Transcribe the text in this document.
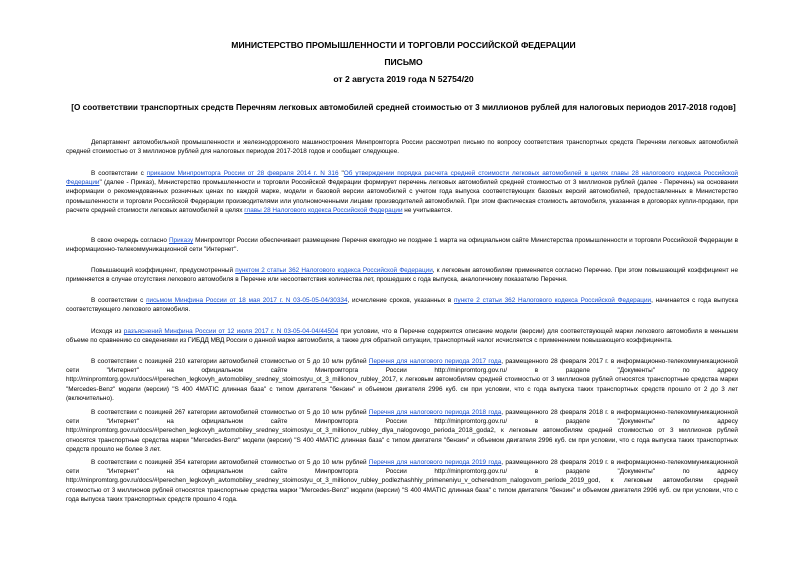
МИНИСТЕРСТВО ПРОМЫШЛЕННОСТИ И ТОРГОВЛИ РОССИЙСКОЙ ФЕДЕРАЦИИ
ПИСЬМО
от 2 августа 2019 года N 52754/20
[О соответствии транспортных средств Перечням легковых автомобилей средней стоимостью от 3 миллионов рублей для налоговых периодов 2017-2018 годов]

Департамент автомобильной промышленности и железнодорожного машиностроения Минпромторга России рассмотрел письмо по вопросу соответствия транспортных средств Перечням легковых автомобилей средней стоимостью от 3 миллионов рублей для налоговых периодов 2017-2018 годов и сообщает следующее.

В соответствии с приказом Минпромторга России от 28 февраля 2014 г. N 316 "Об утверждении порядка расчета средней стоимости легковых автомобилей в целях главы 28 налогового кодекса Российской Федерации" (далее - Приказ), Министерство промышленности и торговли Российской Федерации формирует перечень легковых автомобилей средней стоимостью от 3 миллионов рублей (далее - Перечень) на основании информации о рекомендованных розничных ценах по каждой марке, модели и базовой версии автомобилей с учетом года выпуска соответствующих базовых версий автомобилей, предоставленных в Министерство промышленности и торговли Российской Федерации производителями или уполномоченными лицами производителей автомобилей. При этом фактическая стоимость автомобиля, указанная в договорах купли-продажи, при расчете средней стоимости легковых автомобилей в целях главы 28 Налогового кодекса Российской Федерации не учитывается.

В свою очередь согласно Приказу Минпромторг России обеспечивает размещение Перечня ежегодно не позднее 1 марта на официальном сайте Министерства промышленности и торговли Российской Федерации в информационно-телекоммуникационной сети "Интернет".

Повышающий коэффициент, предусмотренный пунктом 2 статьи 362 Налогового кодекса Российской Федерации, к легковым автомобилям применяется согласно Перечню. При этом повышающий коэффициент не применяется в случае отсутствия легкового автомобиля в Перечне или несоответствия количества лет, прошедших с года выпуска, аналогичному показателю Перечня.

В соответствии с письмом Минфина России от 18 мая 2017 г. N 03-05-05-04/30334, исчисление сроков, указанных в пункте 2 статьи 362 Налогового кодекса Российской Федерации, начинается с года выпуска соответствующего легкового автомобиля.

Исходя из разъяснений Минфина России от 12 июля 2017 г. N 03-05-04-04/44504 при условии, что в Перечне содержится описание модели (версии) для соответствующей марки легкового автомобиля в меньшем объеме по сравнению со сведениями из ГИБДД МВД России о данной марке автомобиля, а также для обратной ситуации, транспортный налог исчисляется с применением повышающего коэффициента.

В соответствии с позицией 210 категории автомобилей стоимостью от 5 до 10 млн рублей Перечня для налогового периода 2017 года, размещенного 28 февраля 2017 г. в информационно-телекоммуникационной сети "Интернет" на официальном сайте Минпромторга России http://minpromtorg.gov.ru/ в разделе "Документы" по адресу http://minpromtorg.gov.ru/docs/#!perechen_legkovyh_avtomobiley_sredney_stoimostyu_ot_3_millionov_rubley_2017, к легковым автомобилям средней стоимостью от 3 миллионов рублей относятся транспортные средства марки "Mercedes-Benz" модели (версии) "S 400 4MATIC длинная база" с типом двигателя "бензин" и объемом двигателя 2996 куб. см при условии, что с года выпуска таких транспортных средств прошло от 2 до 3 лет (включительно).

В соответствии с позицией 267 категории автомобилей стоимостью от 5 до 10 млн рублей Перечня для налогового периода 2018 года, размещенного 28 февраля 2018 г. в информационно-телекоммуникационной сети "Интернет" на официальном сайте Минпромторга России http://minpromtorg.gov.ru/ в разделе "Документы" по адресу http://minpromtorg.gov.ru/docs/#!perechen_legkovyh_avtomobiley_sredney_stoimostyu_ot_3_millionov_rubley_dlya_nalogovogo_perioda_2018_goda2, к легковым автомобилям средней стоимостью от 3 миллионов рублей относятся транспортные средства марки "Mercedes-Benz" модели (версии) "S 400 4MATIC длинная база" с типом двигателя "бензин" и объемом двигателя 2996 куб. см при условии, что с года выпуска таких транспортных средств прошло не более 3 лет.

В соответствии с позицией 354 категории автомобилей стоимостью от 5 до 10 млн рублей Перечня для налогового периода 2019 года, размещенного 28 февраля 2019 г. в информационно-телекоммуникационной сети "Интернет" на официальном сайте Минпромторга России http://minpromtorg.gov.ru/ в разделе "Документы" по адресу http://minpromtorg.gov.ru/docs/#!perechen_legkovyh_avtomobiley_sredney_stoimostyu_ot_3_millionov_rubley_podlezhashhiy_primeneniyu_v_ocherednom_nalogovom_periode_2019_god, к легковым автомобилям средней стоимостью от 3 миллионов рублей относятся транспортные средства марки "Mercedes-Benz" модели (версии) "S 400 4MATIC длинная база" с типом двигателя "бензин" и объемом двигателя 2996 куб. см при условии, что с года выпуска таких транспортных средств прошло 4 года.
